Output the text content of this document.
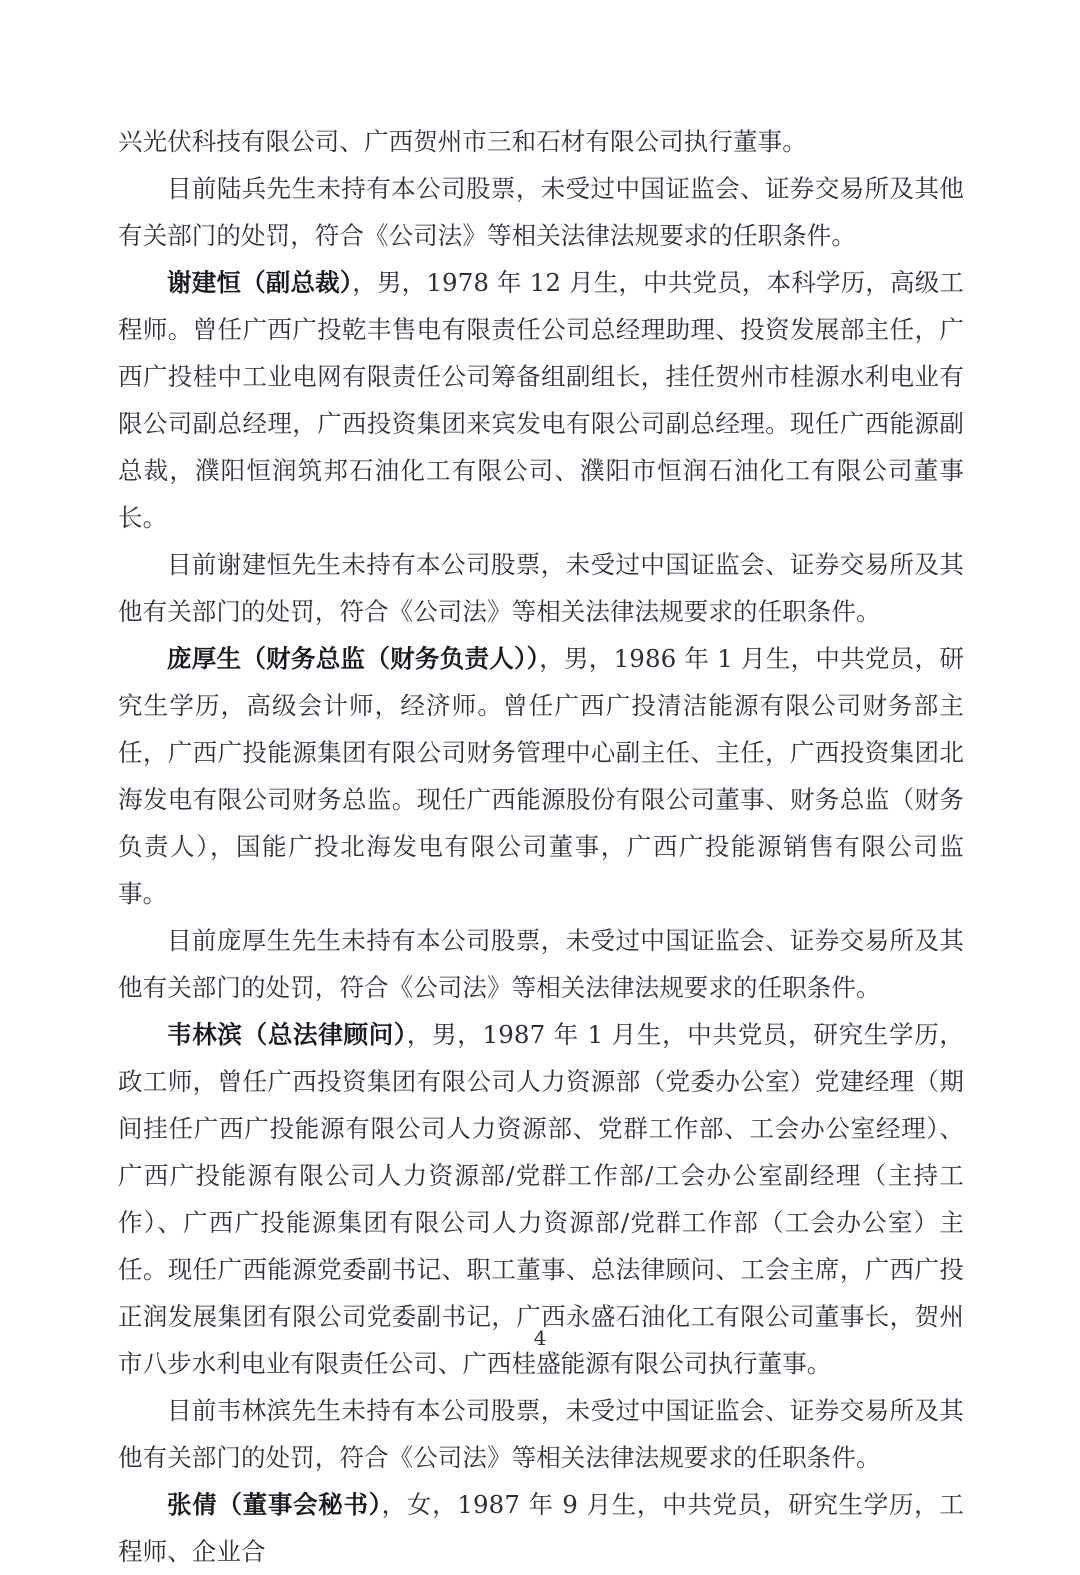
兴光伏科技有限公司、广西贺州市三和石材有限公司执行董事。

目前陆兵先生未持有本公司股票，未受过中国证监会、证券交易所及其他有关部门的处罚，符合《公司法》等相关法律法规要求的任职条件。

谢建恒（副总裁），男，1978 年 12 月生，中共党员，本科学历，高级工程师。曾任广西广投乾丰售电有限责任公司总经理助理、投资发展部主任，广西广投桂中工业电网有限责任公司筹备组副组长，挂任贺州市桂源水利电业有限公司副总经理，广西投资集团来宾发电有限公司副总经理。现任广西能源副总裁，濮阳恒润筑邦石油化工有限公司、濮阳市恒润石油化工有限公司董事长。

目前谢建恒先生未持有本公司股票，未受过中国证监会、证券交易所及其他有关部门的处罚，符合《公司法》等相关法律法规要求的任职条件。

庞厚生（财务总监（财务负责人）），男，1986 年 1 月生，中共党员，研究生学历，高级会计师，经济师。曾任广西广投清洁能源有限公司财务部主任，广西广投能源集团有限公司财务管理中心副主任、主任，广西投资集团北海发电有限公司财务总监。现任广西能源股份有限公司董事、财务总监（财务负责人），国能广投北海发电有限公司董事，广西广投能源销售有限公司监事。

目前庞厚生先生未持有本公司股票，未受过中国证监会、证券交易所及其他有关部门的处罚，符合《公司法》等相关法律法规要求的任职条件。

韦林滨（总法律顾问），男，1987 年 1 月生，中共党员，研究生学历，政工师，曾任广西投资集团有限公司人力资源部（党委办公室）党建经理（期间挂任广西广投能源有限公司人力资源部、党群工作部、工会办公室经理）、广西广投能源有限公司人力资源部/党群工作部/工会办公室副经理（主持工作）、广西广投能源集团有限公司人力资源部/党群工作部（工会办公室）主任。现任广西能源党委副书记、职工董事、总法律顾问、工会主席，广西广投正润发展集团有限公司党委副书记，广西永盛石油化工有限公司董事长，贺州市八步水利电业有限责任公司、广西桂盛能源有限公司执行董事。

目前韦林滨先生未持有本公司股票，未受过中国证监会、证券交易所及其他有关部门的处罚，符合《公司法》等相关法律法规要求的任职条件。

张倩（董事会秘书），女，1987 年 9 月生，中共党员，研究生学历，工程师、企业合

4
